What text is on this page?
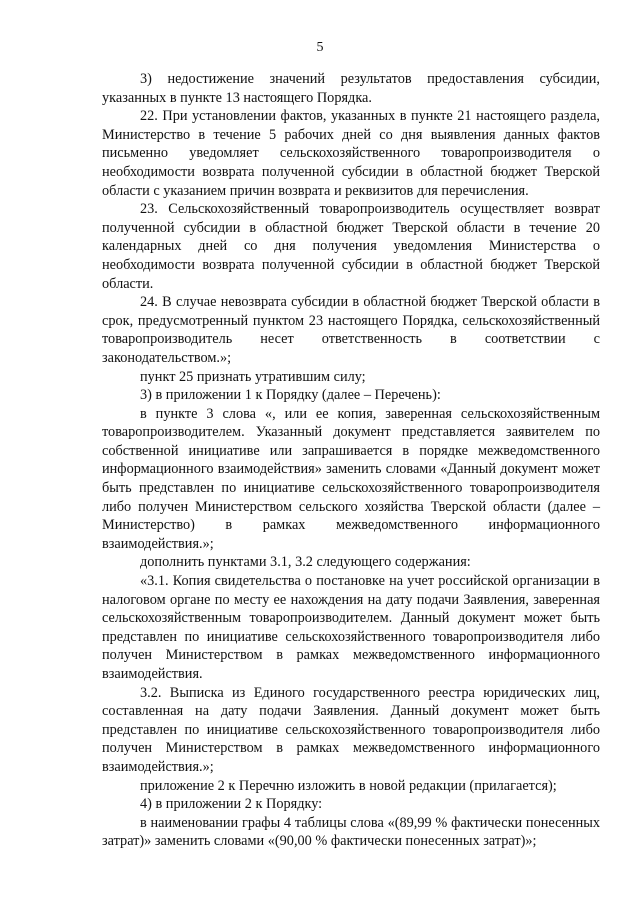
5

3) недостижение значений результатов предоставления субсидии, указанных в пункте 13 настоящего Порядка.

22. При установлении фактов, указанных в пункте 21 настоящего раздела, Министерство в течение 5 рабочих дней со дня выявления данных фактов письменно уведомляет сельскохозяйственного товаропроизводителя о необходимости возврата полученной субсидии в областной бюджет Тверской области с указанием причин возврата и реквизитов для перечисления.

23. Сельскохозяйственный товаропроизводитель осуществляет возврат полученной субсидии в областной бюджет Тверской области в течение 20 календарных дней со дня получения уведомления Министерства о необходимости возврата полученной субсидии в областной бюджет Тверской области.

24. В случае невозврата субсидии в областной бюджет Тверской области в срок, предусмотренный пунктом 23 настоящего Порядка, сельскохозяйственный товаропроизводитель несет ответственность в соответствии с законодательством.»;

пункт 25 признать утратившим силу;

3) в приложении 1 к Порядку (далее – Перечень):

в пункте 3 слова «, или ее копия, заверенная сельскохозяйственным товаропроизводителем. Указанный документ представляется заявителем по собственной инициативе или запрашивается в порядке межведомственного информационного взаимодействия» заменить словами «Данный документ может быть представлен по инициативе сельскохозяйственного товаропроизводителя либо получен Министерством сельского хозяйства Тверской области (далее – Министерство) в рамках межведомственного информационного взаимодействия.»;

дополнить пунктами 3.1, 3.2 следующего содержания:

«3.1. Копия свидетельства о постановке на учет российской организации в налоговом органе по месту ее нахождения на дату подачи Заявления, заверенная сельскохозяйственным товаропроизводителем. Данный документ может быть представлен по инициативе сельскохозяйственного товаропроизводителя либо получен Министерством в рамках межведомственного информационного взаимодействия.

3.2. Выписка из Единого государственного реестра юридических лиц, составленная на дату подачи Заявления. Данный документ может быть представлен по инициативе сельскохозяйственного товаропроизводителя либо получен Министерством в рамках межведомственного информационного взаимодействия.»;

приложение 2 к Перечню изложить в новой редакции (прилагается);

4) в приложении 2 к Порядку:

в наименовании графы 4 таблицы слова «(89,99 % фактически понесенных затрат)» заменить словами «(90,00 % фактически понесенных затрат)»;
